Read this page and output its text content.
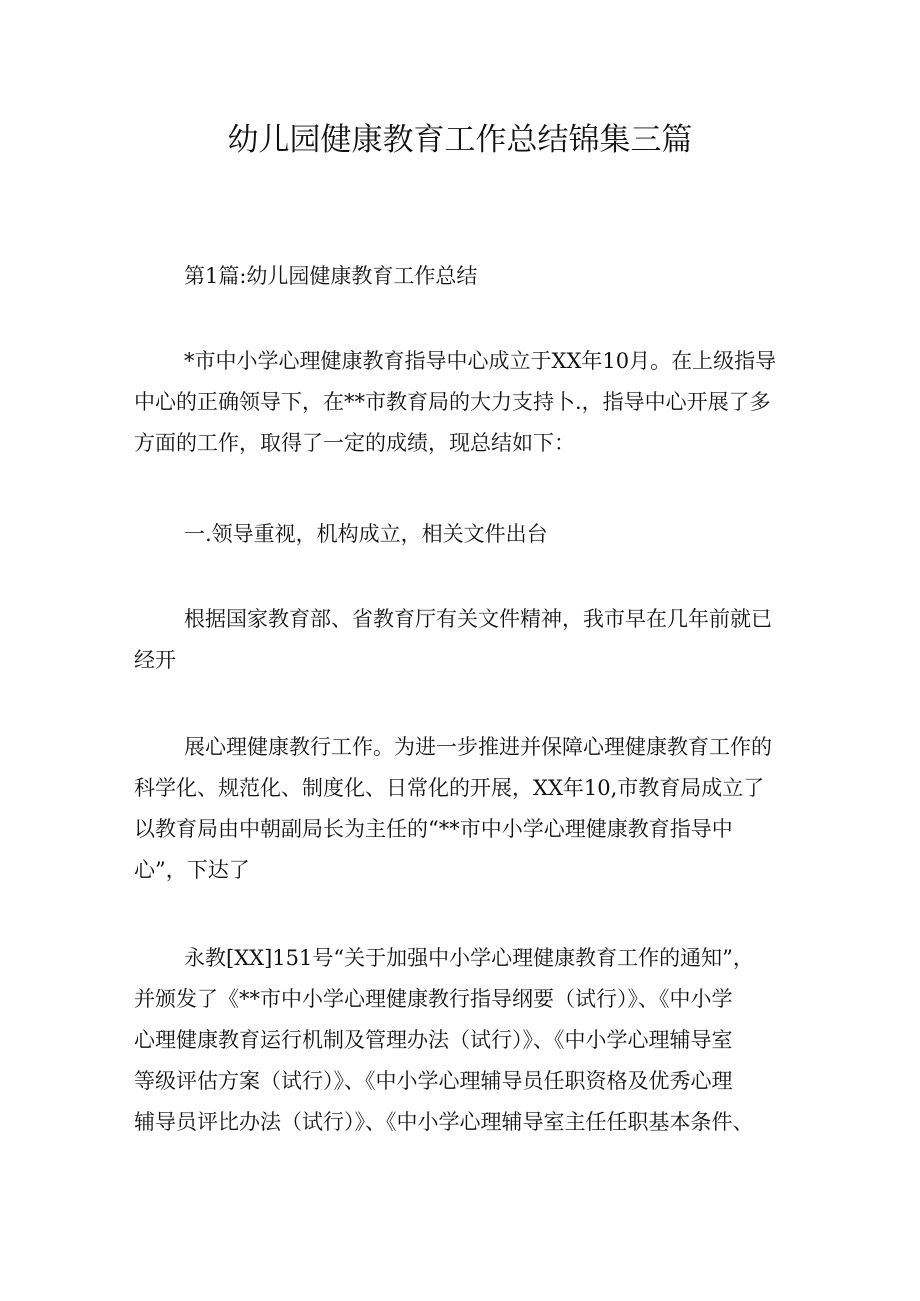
幼儿园健康教育工作总结锦集三篇
第1篇:幼儿园健康教育工作总结
*市中小学心理健康教育指导中心成立于XX年10月。在上级指导
中心的正确领导下，在**市教育局的大力支持卜.，指导中心开展了多
方面的工作，取得了一定的成绩，现总结如下：
一.领导重视，机构成立，相关文件出台
根据国家教育部、省教育厅有关文件精神，我市早在几年前就已
经开
展心理健康教行工作。为进一步推进并保障心理健康教育工作的
科学化、规范化、制度化、日常化的开展，XX年10,市教育局成立了
以教育局由中朝副局长为主任的“**市中小学心理健康教育指导中
心”，下达了
永教[XX]151号“关于加强中小学心理健康教育工作的通知”，
并颁发了《**市中小学心理健康教行指导纲要（试行）》、《中小学
心理健康教育运行机制及管理办法（试行）》、《中小学心理辅导室
等级评估方案（试行）》、《中小学心理辅导员任职资格及优秀心理
辅导员评比办法（试行）》、《中小学心理辅导室主任任职基本条件、
